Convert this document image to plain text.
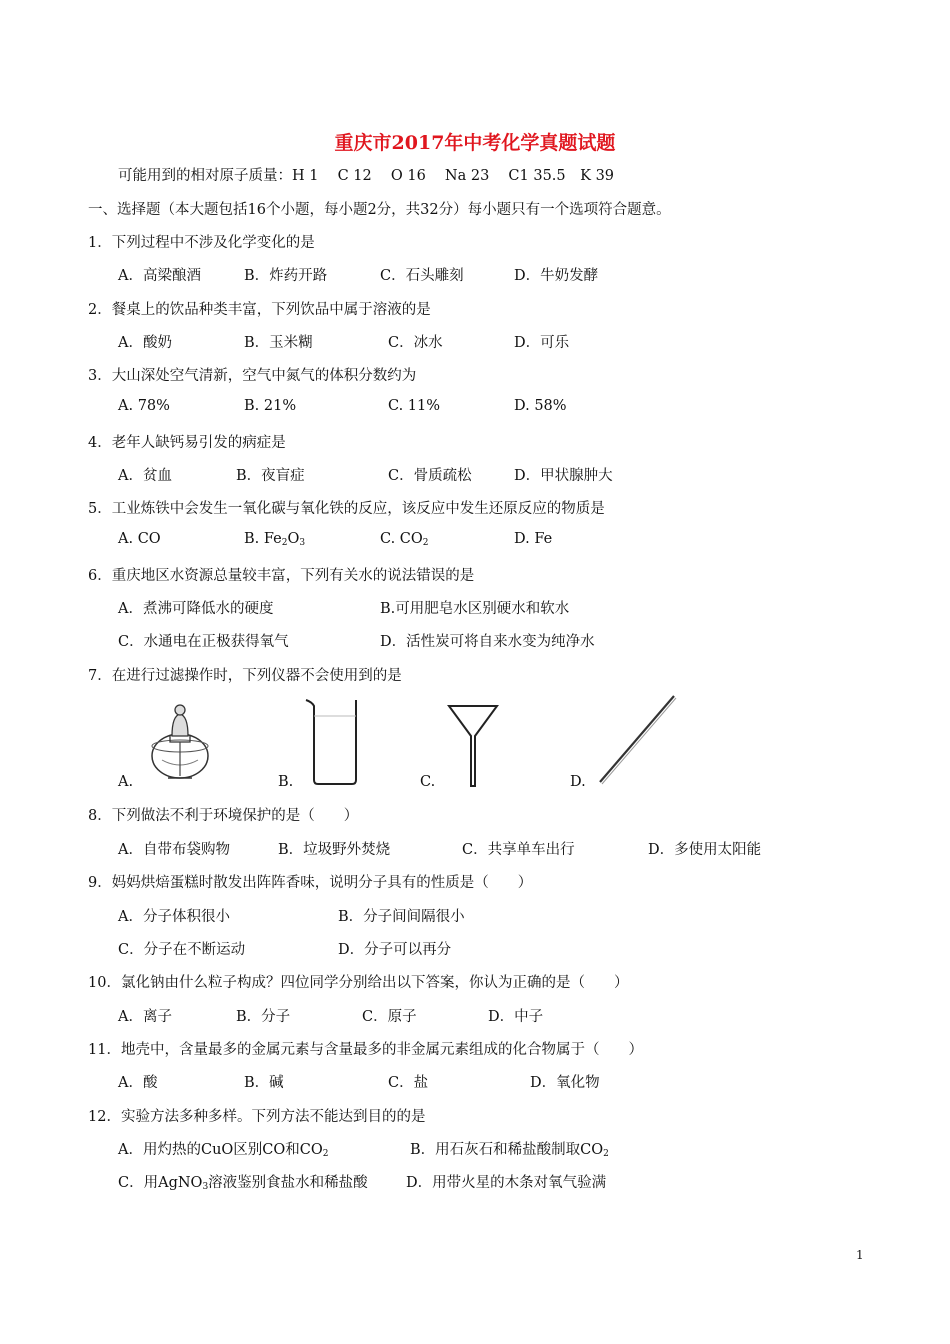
重庆市2017年中考化学真题试题
可能用到的相对原子质量：H 1　 C 12　 O 16　 Na 23　 C1 35.5　K 39
一、选择题（本大题包括16个小题，每小题2分，共32分）每小题只有一个选项符合题意。
1．下列过程中不涉及化学变化的是
A．高梁酿酒	B．炸药开路	C．石头雕刻	D．牛奶发酵
2．餐桌上的饮品种类丰富，下列饮品中属于溶液的是
A．酸奶	B．玉米糊	C．冰水	D．可乐
3．大山深处空气清新，空气中氮气的体积分数约为
A. 78%	B. 21%	C. 11%	D. 58%
4．老年人缺钙易引发的病症是
A．贫血	B．夜盲症	C．骨质疏松	D．甲状腺肿大
5．工业炼铁中会发生一氧化碳与氧化铁的反应，该反应中发生还原反应的物质是
A. CO	B. $Fe_2O_3$	C. $CO_2$	D. Fe
6．重庆地区水资源总量较丰富，下列有关水的说法错误的是
A．煮沸可降低水的硬度	B.可用肥皂水区别硬水和软水
C．水通电在正极获得氧气	D．活性炭可将自来水变为纯净水
7．在进行过滤操作时，下列仪器不会使用到的是
A.	B.	C.	D.
8．下列做法不利于环境保护的是（　　）
A．自带布袋购物	B．垃圾野外焚烧	C．共享单车出行	D．多使用太阳能
9．妈妈烘焙蛋糕时散发出阵阵香味，说明分子具有的性质是（　　）
A．分子体积很小	B．分子间间隔很小
C．分子在不断运动	D．分子可以再分
10．氯化钠由什么粒子构成？四位同学分别给出以下答案，你认为正确的是（　　）
A．离子	B．分子	C．原子	D．中子
11．地壳中，含量最多的金属元素与含量最多的非金属元素组成的化合物属于（　　）
A．酸	B．碱	C．盐	D．氧化物
12．实验方法多种多样。下列方法不能达到目的的是
A．用灼热的CuO区别CO和$CO_2$	B．用石灰石和稀盐酸制取$CO_2$
C．用AgNO$_3$溶液鉴别食盐水和稀盐酸	D．用带火星的木条对氧气验满
1
